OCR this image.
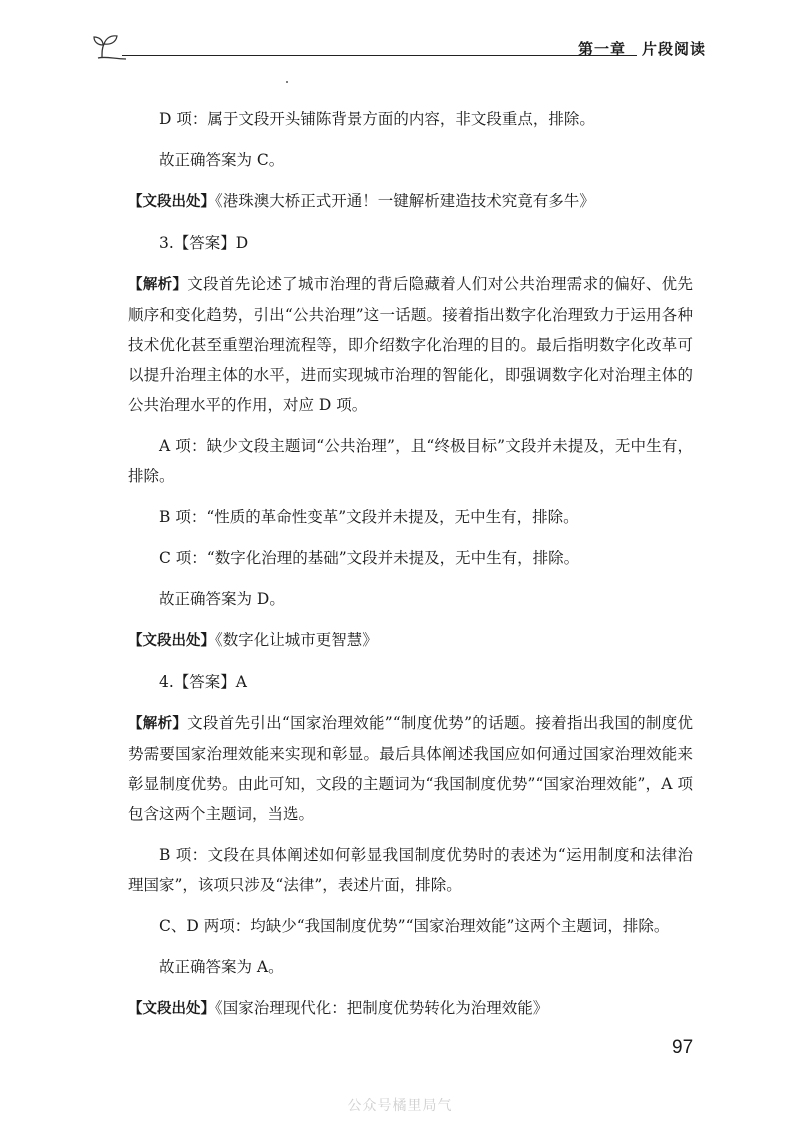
第一章 片段阅读

D 项：属于文段开头铺陈背景方面的内容，非文段重点，排除。

故正确答案为 C。

【文段出处】《港珠澳大桥正式开通！一键解析建造技术究竟有多牛》

3.【答案】D

【解析】文段首先论述了城市治理的背后隐藏着人们对公共治理需求的偏好、优先顺序和变化趋势，引出“公共治理”这一话题。接着指出数字化治理致力于运用各种技术优化甚至重塑治理流程等，即介绍数字化治理的目的。最后指明数字化改革可以提升治理主体的水平，进而实现城市治理的智能化，即强调数字化对治理主体的公共治理水平的作用，对应 D 项。

A 项：缺少文段主题词“公共治理”，且“终极目标”文段并未提及，无中生有，排除。

B 项：“性质的革命性变革”文段并未提及，无中生有，排除。

C 项：“数字化治理的基础”文段并未提及，无中生有，排除。

故正确答案为 D。

【文段出处】《数字化让城市更智慧》

4.【答案】A

【解析】文段首先引出“国家治理效能”“制度优势”的话题。接着指出我国的制度优势需要国家治理效能来实现和彰显。最后具体阐述我国应如何通过国家治理效能来彰显制度优势。由此可知，文段的主题词为“我国制度优势”“国家治理效能”，A 项包含这两个主题词，当选。

B 项：文段在具体阐述如何彰显我国制度优势时的表述为“运用制度和法律治理国家”，该项只涉及“法律”，表述片面，排除。

C、D 两项：均缺少“我国制度优势”“国家治理效能”这两个主题词，排除。

故正确答案为 A。

【文段出处】《国家治理现代化：把制度优势转化为治理效能》

97
公众号橘里局气
